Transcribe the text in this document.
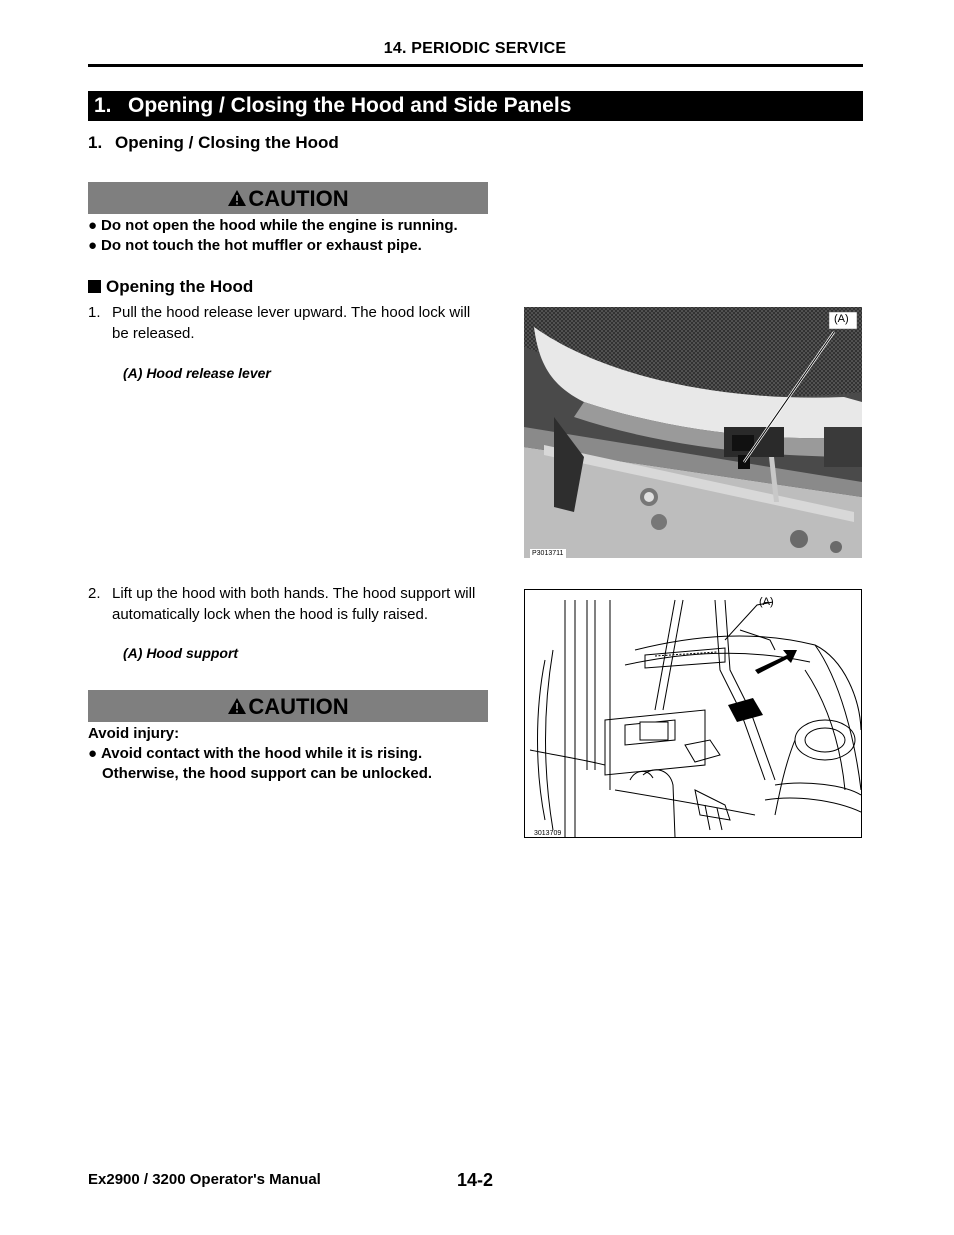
14. PERIODIC SERVICE
1. Opening / Closing the Hood and Side Panels
1. Opening / Closing the Hood
CAUTION
● Do not open the hood while the engine is running.
● Do not touch the hot muffler or exhaust pipe.
Opening the Hood
1. Pull the hood release lever upward. The hood lock will
be released.
(A) Hood release lever
(A)
P3013711
2. Lift up the hood with both hands. The hood support will
automatically lock when the hood is fully raised.
(A) Hood support
(A)
3013709
CAUTION
Avoid injury:
● Avoid contact with the hood while it is rising.
Otherwise, the hood support can be unlocked.
Ex2900 / 3200 Operator's Manual	14-2
